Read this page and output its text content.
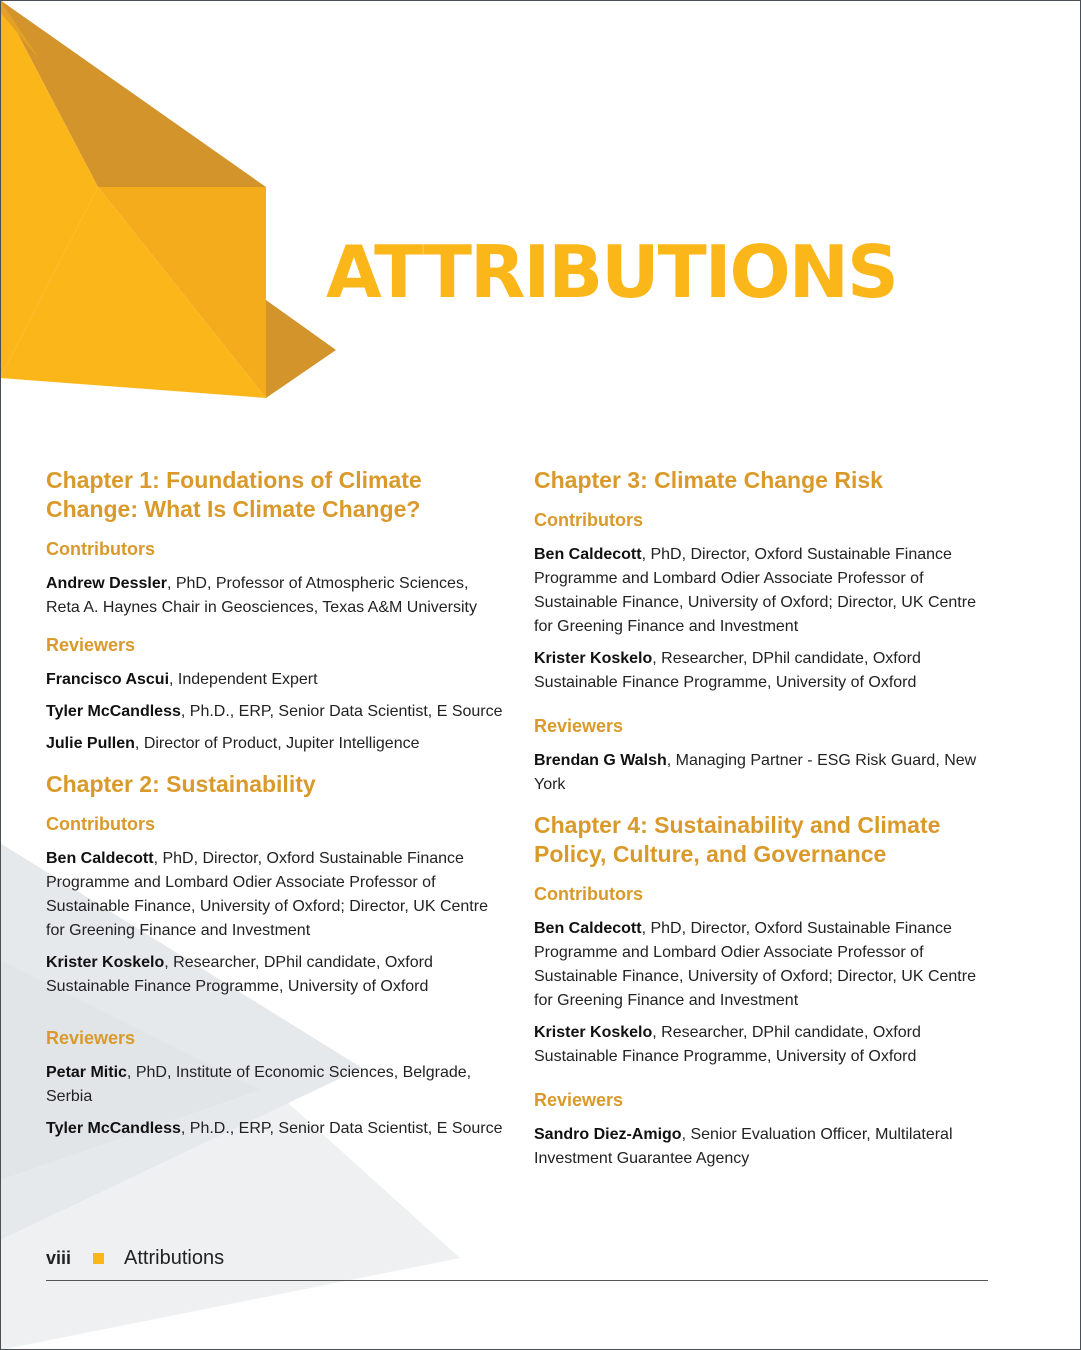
ATTRIBUTIONS
Chapter 1: Foundations of Climate Change: What Is Climate Change?
Contributors

Andrew Dessler, PhD, Professor of Atmospheric Sciences, Reta A. Haynes Chair in Geosciences, Texas A&M University

Reviewers

Francisco Ascui, Independent Expert

Tyler McCandless, Ph.D., ERP, Senior Data Scientist, E Source

Julie Pullen, Director of Product, Jupiter Intelligence

Chapter 2: Sustainability
Contributors

Ben Caldecott, PhD, Director, Oxford Sustainable Finance Programme and Lombard Odier Associate Professor of Sustainable Finance, University of Oxford; Director, UK Centre for Greening Finance and Investment

Krister Koskelo, Researcher, DPhil candidate, Oxford Sustainable Finance Programme, University of Oxford

Reviewers

Petar Mitic, PhD, Institute of Economic Sciences, Belgrade, Serbia

Tyler McCandless, Ph.D., ERP, Senior Data Scientist, E Source

Chapter 3: Climate Change Risk
Contributors

Ben Caldecott, PhD, Director, Oxford Sustainable Finance Programme and Lombard Odier Associate Professor of Sustainable Finance, University of Oxford; Director, UK Centre for Greening Finance and Investment

Krister Koskelo, Researcher, DPhil candidate, Oxford Sustainable Finance Programme, University of Oxford

Reviewers

Brendan G Walsh, Managing Partner - ESG Risk Guard, New York

Chapter 4: Sustainability and Climate Policy, Culture, and Governance
Contributors

Ben Caldecott, PhD, Director, Oxford Sustainable Finance Programme and Lombard Odier Associate Professor of Sustainable Finance, University of Oxford; Director, UK Centre for Greening Finance and Investment

Krister Koskelo, Researcher, DPhil candidate, Oxford Sustainable Finance Programme, University of Oxford

Reviewers

Sandro Diez-Amigo, Senior Evaluation Officer, Multilateral Investment Guarantee Agency

viii	Attributions
